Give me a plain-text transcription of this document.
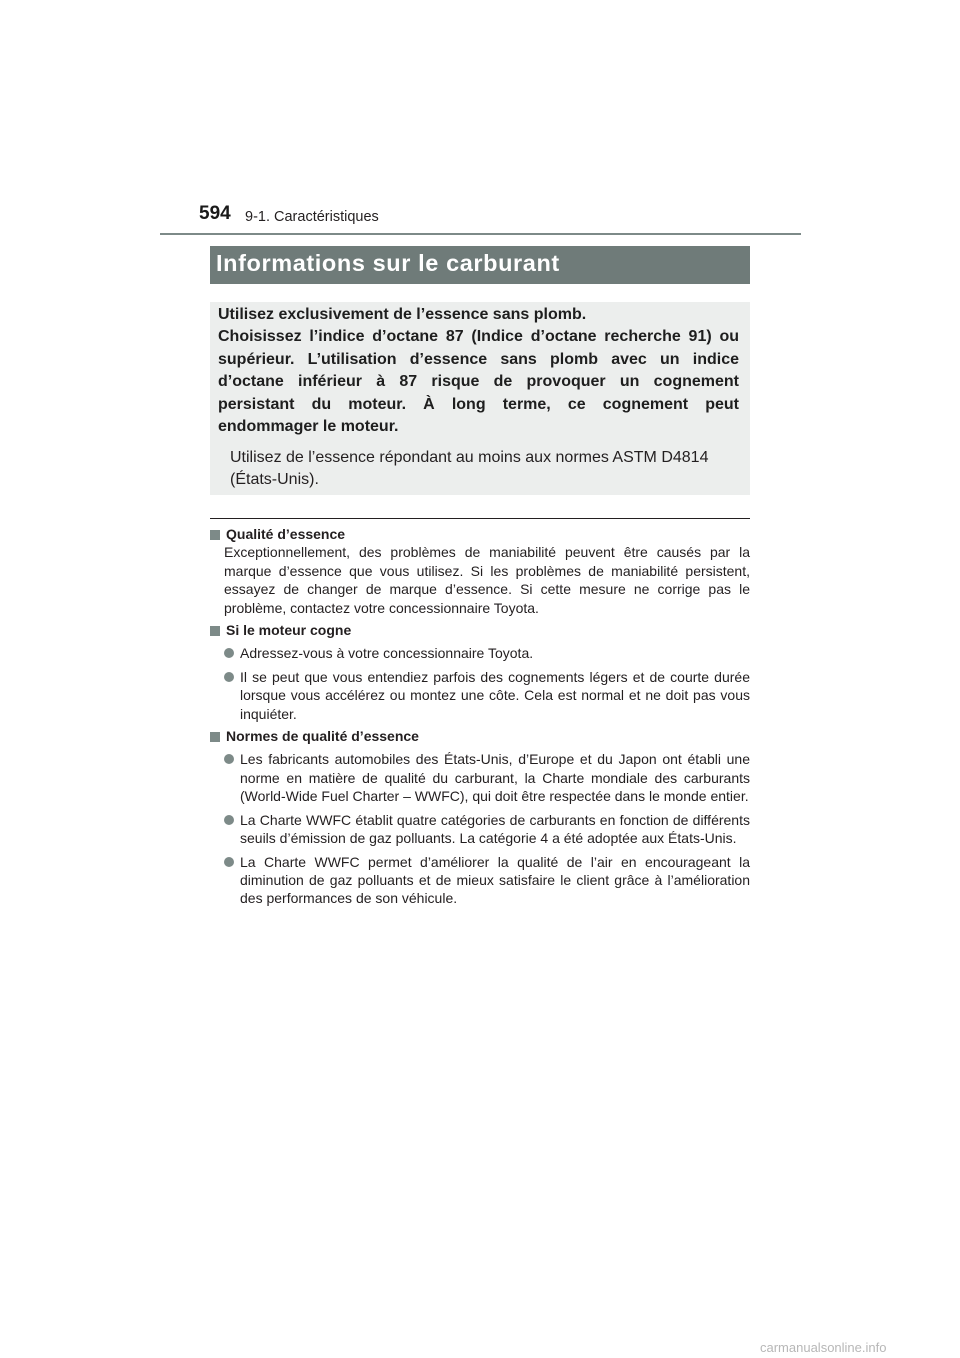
594 9-1. Caractéristiques
Informations sur le carburant

Utilisez exclusivement de l’essence sans plomb.

Choisissez l’indice d’octane 87 (Indice d’octane recherche 91) ou supérieur. L’utilisation d’essence sans plomb avec un indice d’octane inférieur à 87 risque de provoquer un cognement persistant du moteur. À long terme, ce cognement peut endommager le moteur.

Utilisez de l’essence répondant au moins aux normes ASTM D4814 (États-Unis).
Qualité d’essence
Exceptionnellement, des problèmes de maniabilité peuvent être causés par la marque d’essence que vous utilisez. Si les problèmes de maniabilité persistent, essayez de changer de marque d’essence. Si cette mesure ne corrige pas le problème, contactez votre concessionnaire Toyota.
Si le moteur cogne
Adressez-vous à votre concessionnaire Toyota.
Il se peut que vous entendiez parfois des cognements légers et de courte durée lorsque vous accélérez ou montez une côte. Cela est normal et ne doit pas vous inquiéter.
Normes de qualité d’essence
Les fabricants automobiles des États-Unis, d’Europe et du Japon ont établi une norme en matière de qualité du carburant, la Charte mondiale des carburants (World-Wide Fuel Charter – WWFC), qui doit être respectée dans le monde entier.
La Charte WWFC établit quatre catégories de carburants en fonction de différents seuils d’émission de gaz polluants. La catégorie 4 a été adoptée aux États-Unis.
La Charte WWFC permet d’améliorer la qualité de l’air en encourageant la diminution de gaz polluants et de mieux satisfaire le client grâce à l’amélioration des performances de son véhicule.
carmanualsonline.info
